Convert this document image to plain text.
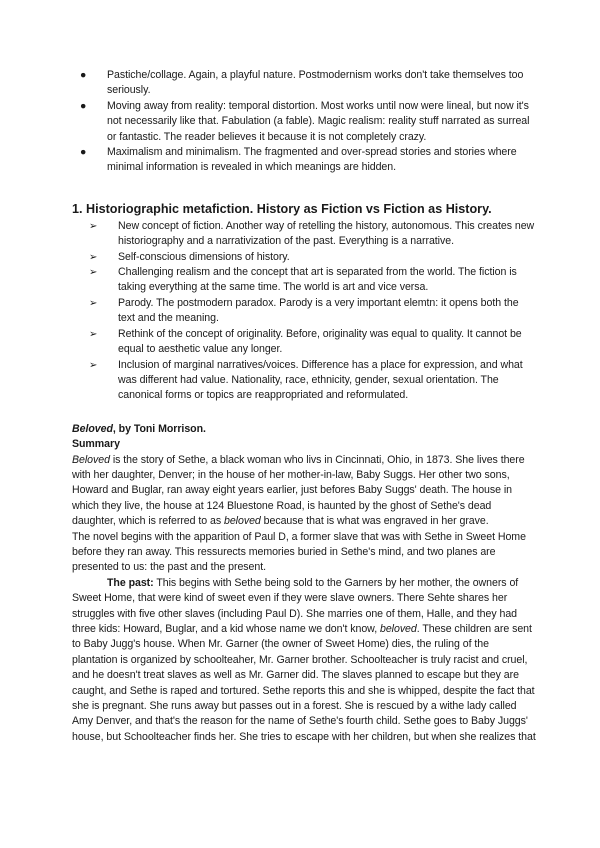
● Pastiche/collage. Again, a playful nature. Postmodernism works don't take themselves too seriously.
● Moving away from reality: temporal distortion. Most works until now were lineal, but now it's not necessarily like that. Fabulation (a fable). Magic realism: reality stuff narrated as surreal or fantastic. The reader believes it because it is not completely crazy.
● Maximalism and minimalism. The fragmented and over-spread stories and stories where minimal information is revealed in which meanings are hidden.
1. Historiographic metafiction. History as Fiction vs Fiction as History.
➢ New concept of fiction. Another way of retelling the history, autonomous. This creates new historiography and a narrativization of the past. Everything is a narrative.
➢ Self-conscious dimensions of history.
➢ Challenging realism and the concept that art is separated from the world. The fiction is taking everything at the same time. The world is art and vice versa.
➢ Parody. The postmodern paradox. Parody is a very important elemtn: it opens both the text and the meaning.
➢ Rethink of the concept of originality. Before, originality was equal to quality. It cannot be equal to aesthetic value any longer.
➢ Inclusion of marginal narratives/voices. Difference has a place for expression, and what was different had value. Nationality, race, ethnicity, gender, sexual orientation. The canonical forms or topics are reappropriated and reformulated.
Beloved, by Toni Morrison.
Summary

Beloved is the story of Sethe, a black woman who livs in Cincinnati, Ohio, in 1873. She lives there with her daughter, Denver; in the house of her mother-in-law, Baby Suggs. Her other two sons, Howard and Buglar, ran away eight years earlier, just befores Baby Suggs' death. The house in which they live, the house at 124 Bluestone Road, is haunted by the ghost of Sethe's dead daughter, which is referred to as beloved because that is what was engraved in her grave.

The novel begins with the apparition of Paul D, a former slave that was with Sethe in Sweet Home before they ran away. This ressurects memories buried in Sethe's mind, and two planes are presented to us: the past and the present.

The past: This begins with Sethe being sold to the Garners by her mother, the owners of Sweet Home, that were kind of sweet even if they were slave owners. There Sehte shares her struggles with five other slaves (including Paul D). She marries one of them, Halle, and they had three kids: Howard, Buglar, and a kid whose name we don't know, beloved. These children are sent to Baby Jugg's house. When Mr. Garner (the owner of Sweet Home) dies, the ruling of the plantation is organized by schoolteaher, Mr. Garner brother. Schoolteacher is truly racist and cruel, and he doesn't treat slaves as well as Mr. Garner did. The slaves planned to escape but they are caught, and Sethe is raped and tortured. Sethe reports this and she is whipped, despite the fact that she is pregnant. She runs away but passes out in a forest. She is rescued by a withe lady called Amy Denver, and that's the reason for the name of Sethe's fourth child. Sethe goes to Baby Juggs' house, but Schoolteacher finds her. She tries to escape with her children, but when she realizes that
